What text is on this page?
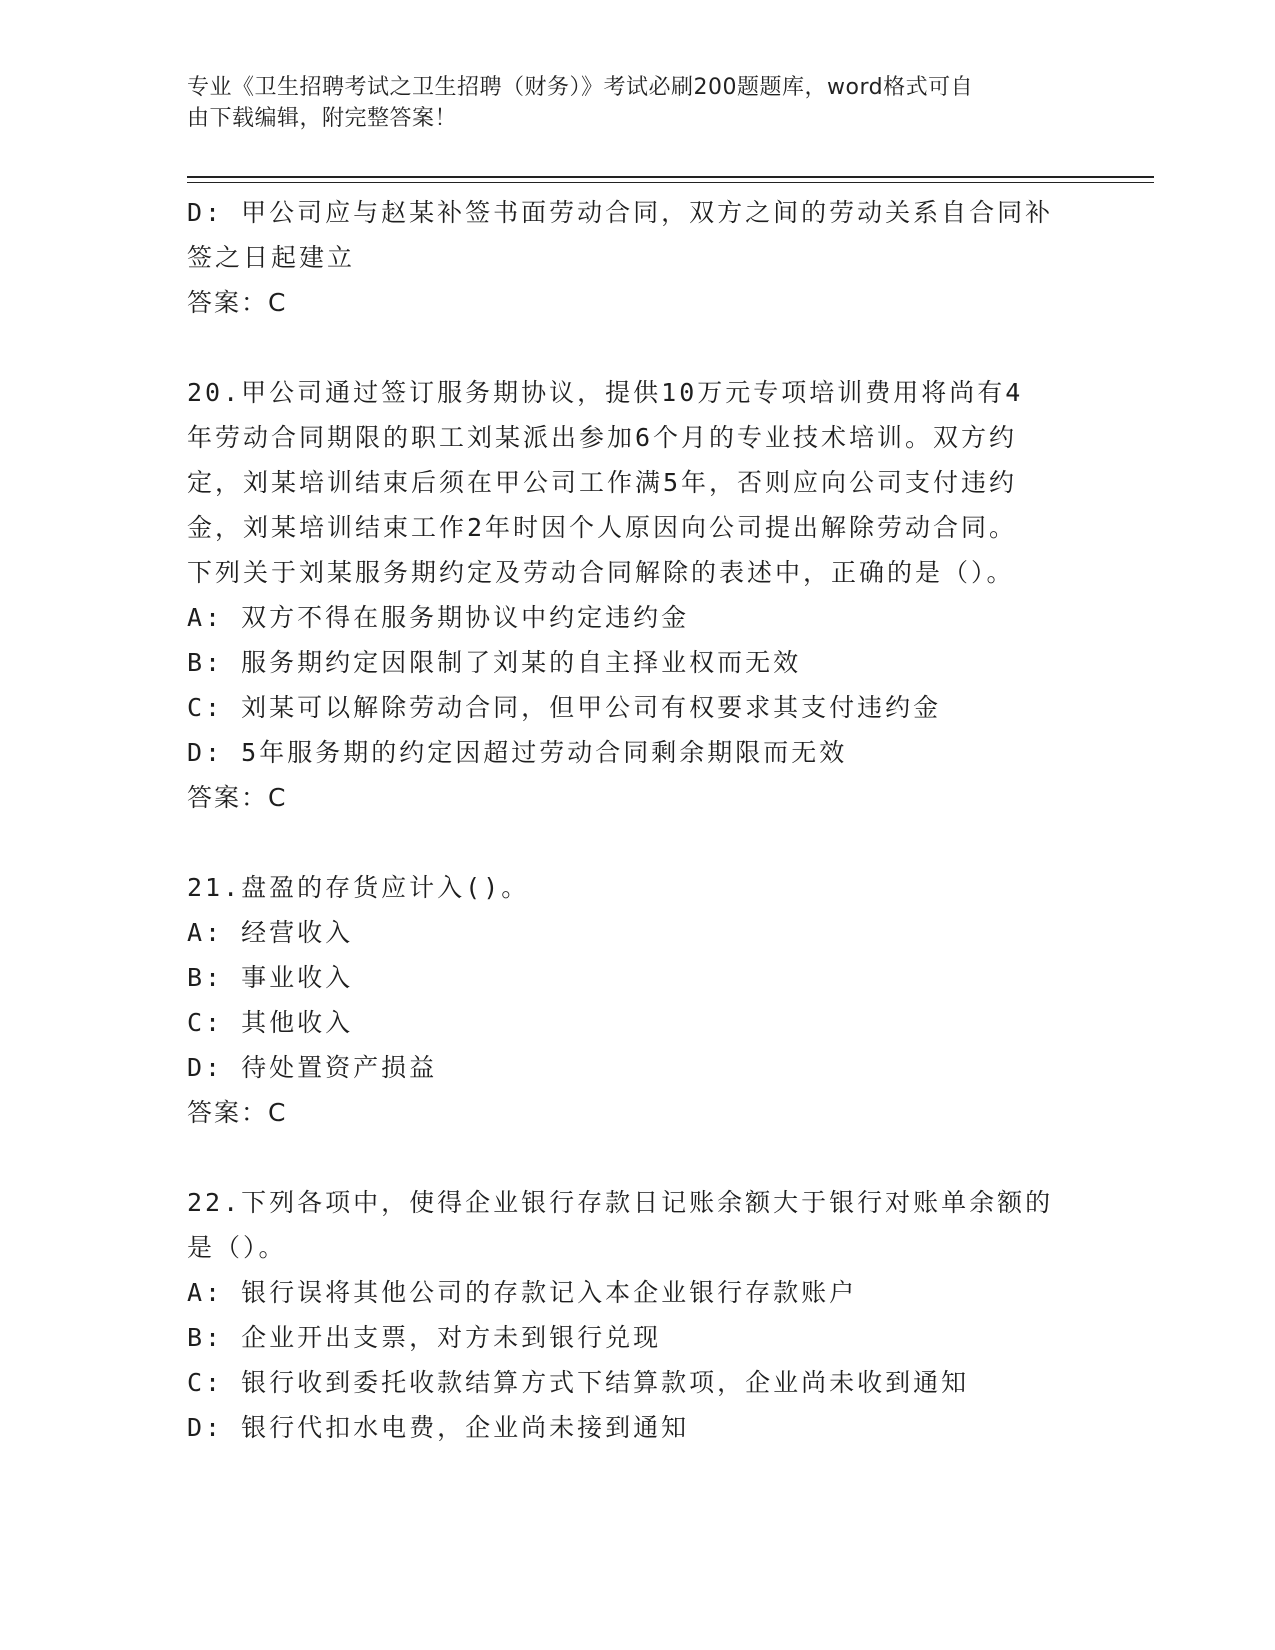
专业《卫生招聘考试之卫生招聘（财务）》考试必刷200题题库，word格式可自
由下载编辑，附完整答案！
D: 甲公司应与赵某补签书面劳动合同，双方之间的劳动关系自合同补
签之日起建立
答案：C
20.甲公司通过签订服务期协议，提供10万元专项培训费用将尚有4
年劳动合同期限的职工刘某派出参加6个月的专业技术培训。双方约
定，刘某培训结束后须在甲公司工作满5年，否则应向公司支付违约
金，刘某培训结束工作2年时因个人原因向公司提出解除劳动合同。
下列关于刘某服务期约定及劳动合同解除的表述中，正确的是（）。
A: 双方不得在服务期协议中约定违约金
B: 服务期约定因限制了刘某的自主择业权而无效
C: 刘某可以解除劳动合同，但甲公司有权要求其支付违约金
D: 5年服务期的约定因超过劳动合同剩余期限而无效
答案：C
21.盘盈的存货应计入()。
A: 经营收入
B: 事业收入
C: 其他收入
D: 待处置资产损益
答案：C
22.下列各项中，使得企业银行存款日记账余额大于银行对账单余额的
是（）。
A: 银行误将其他公司的存款记入本企业银行存款账户
B: 企业开出支票，对方未到银行兑现
C: 银行收到委托收款结算方式下结算款项，企业尚未收到通知
D: 银行代扣水电费，企业尚未接到通知
